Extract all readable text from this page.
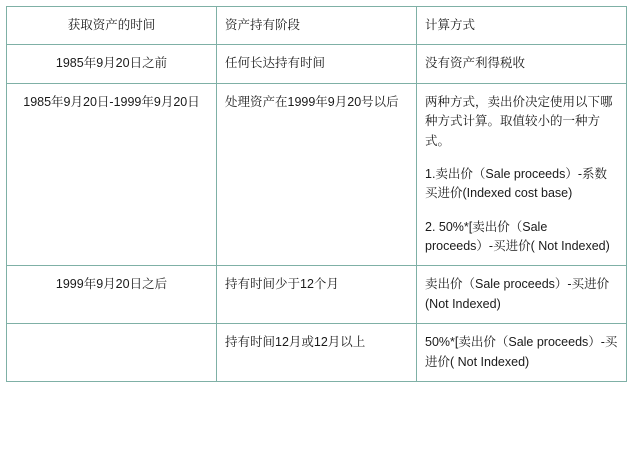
获取资产的时间	资产持有阶段	计算方式
1985年9月20日之前	任何长达持有时间	没有资产利得税收

1985年9月20日-1999年9月20日	处理资产在1999年9月20号以后	两种方式，卖出价决定使用以下哪种方式计算。取值较小的一种方式。

1.卖出价（Sale proceeds）-系数买进价(Indexed cost base)

2. 50%*[卖出价（Sale proceeds）-买进价( Not Indexed)

1999年9月20日之后	持有时间少于12个月	卖出价（Sale proceeds）-买进价(Not Indexed)

	持有时间12月或12月以上	50%*[卖出价（Sale proceeds）-买进价( Not Indexed)
